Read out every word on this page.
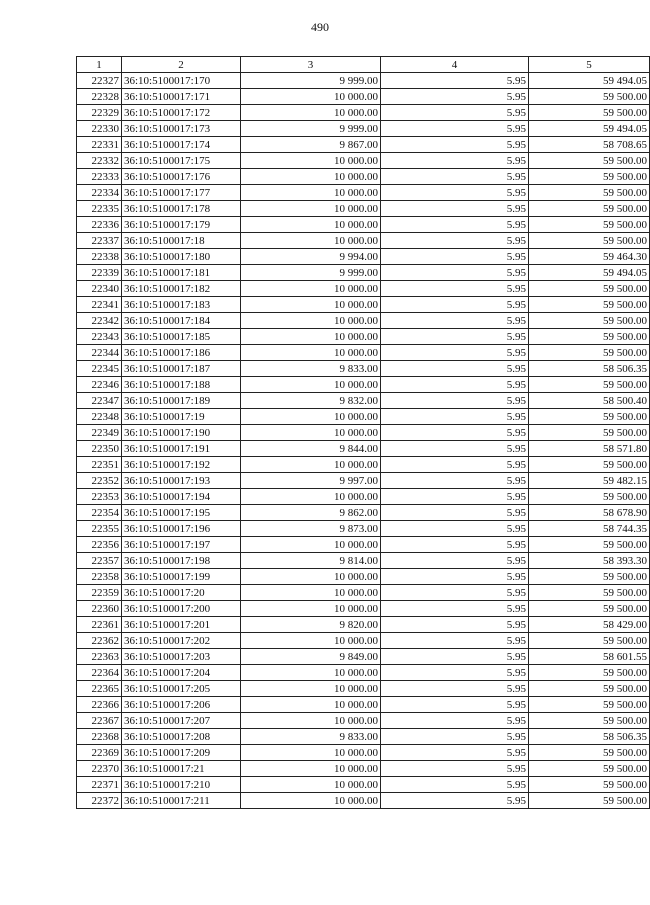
490
1	2	3	4	5
22327	36:10:5100017:170	9 999.00	5.95	59 494.05
22328	36:10:5100017:171	10 000.00	5.95	59 500.00
22329	36:10:5100017:172	10 000.00	5.95	59 500.00
22330	36:10:5100017:173	9 999.00	5.95	59 494.05
22331	36:10:5100017:174	9 867.00	5.95	58 708.65
22332	36:10:5100017:175	10 000.00	5.95	59 500.00
22333	36:10:5100017:176	10 000.00	5.95	59 500.00
22334	36:10:5100017:177	10 000.00	5.95	59 500.00
22335	36:10:5100017:178	10 000.00	5.95	59 500.00
22336	36:10:5100017:179	10 000.00	5.95	59 500.00
22337	36:10:5100017:18	10 000.00	5.95	59 500.00
22338	36:10:5100017:180	9 994.00	5.95	59 464.30
22339	36:10:5100017:181	9 999.00	5.95	59 494.05
22340	36:10:5100017:182	10 000.00	5.95	59 500.00
22341	36:10:5100017:183	10 000.00	5.95	59 500.00
22342	36:10:5100017:184	10 000.00	5.95	59 500.00
22343	36:10:5100017:185	10 000.00	5.95	59 500.00
22344	36:10:5100017:186	10 000.00	5.95	59 500.00
22345	36:10:5100017:187	9 833.00	5.95	58 506.35
22346	36:10:5100017:188	10 000.00	5.95	59 500.00
22347	36:10:5100017:189	9 832.00	5.95	58 500.40
22348	36:10:5100017:19	10 000.00	5.95	59 500.00
22349	36:10:5100017:190	10 000.00	5.95	59 500.00
22350	36:10:5100017:191	9 844.00	5.95	58 571.80
22351	36:10:5100017:192	10 000.00	5.95	59 500.00
22352	36:10:5100017:193	9 997.00	5.95	59 482.15
22353	36:10:5100017:194	10 000.00	5.95	59 500.00
22354	36:10:5100017:195	9 862.00	5.95	58 678.90
22355	36:10:5100017:196	9 873.00	5.95	58 744.35
22356	36:10:5100017:197	10 000.00	5.95	59 500.00
22357	36:10:5100017:198	9 814.00	5.95	58 393.30
22358	36:10:5100017:199	10 000.00	5.95	59 500.00
22359	36:10:5100017:20	10 000.00	5.95	59 500.00
22360	36:10:5100017:200	10 000.00	5.95	59 500.00
22361	36:10:5100017:201	9 820.00	5.95	58 429.00
22362	36:10:5100017:202	10 000.00	5.95	59 500.00
22363	36:10:5100017:203	9 849.00	5.95	58 601.55
22364	36:10:5100017:204	10 000.00	5.95	59 500.00
22365	36:10:5100017:205	10 000.00	5.95	59 500.00
22366	36:10:5100017:206	10 000.00	5.95	59 500.00
22367	36:10:5100017:207	10 000.00	5.95	59 500.00
22368	36:10:5100017:208	9 833.00	5.95	58 506.35
22369	36:10:5100017:209	10 000.00	5.95	59 500.00
22370	36:10:5100017:21	10 000.00	5.95	59 500.00
22371	36:10:5100017:210	10 000.00	5.95	59 500.00
22372	36:10:5100017:211	10 000.00	5.95	59 500.00
